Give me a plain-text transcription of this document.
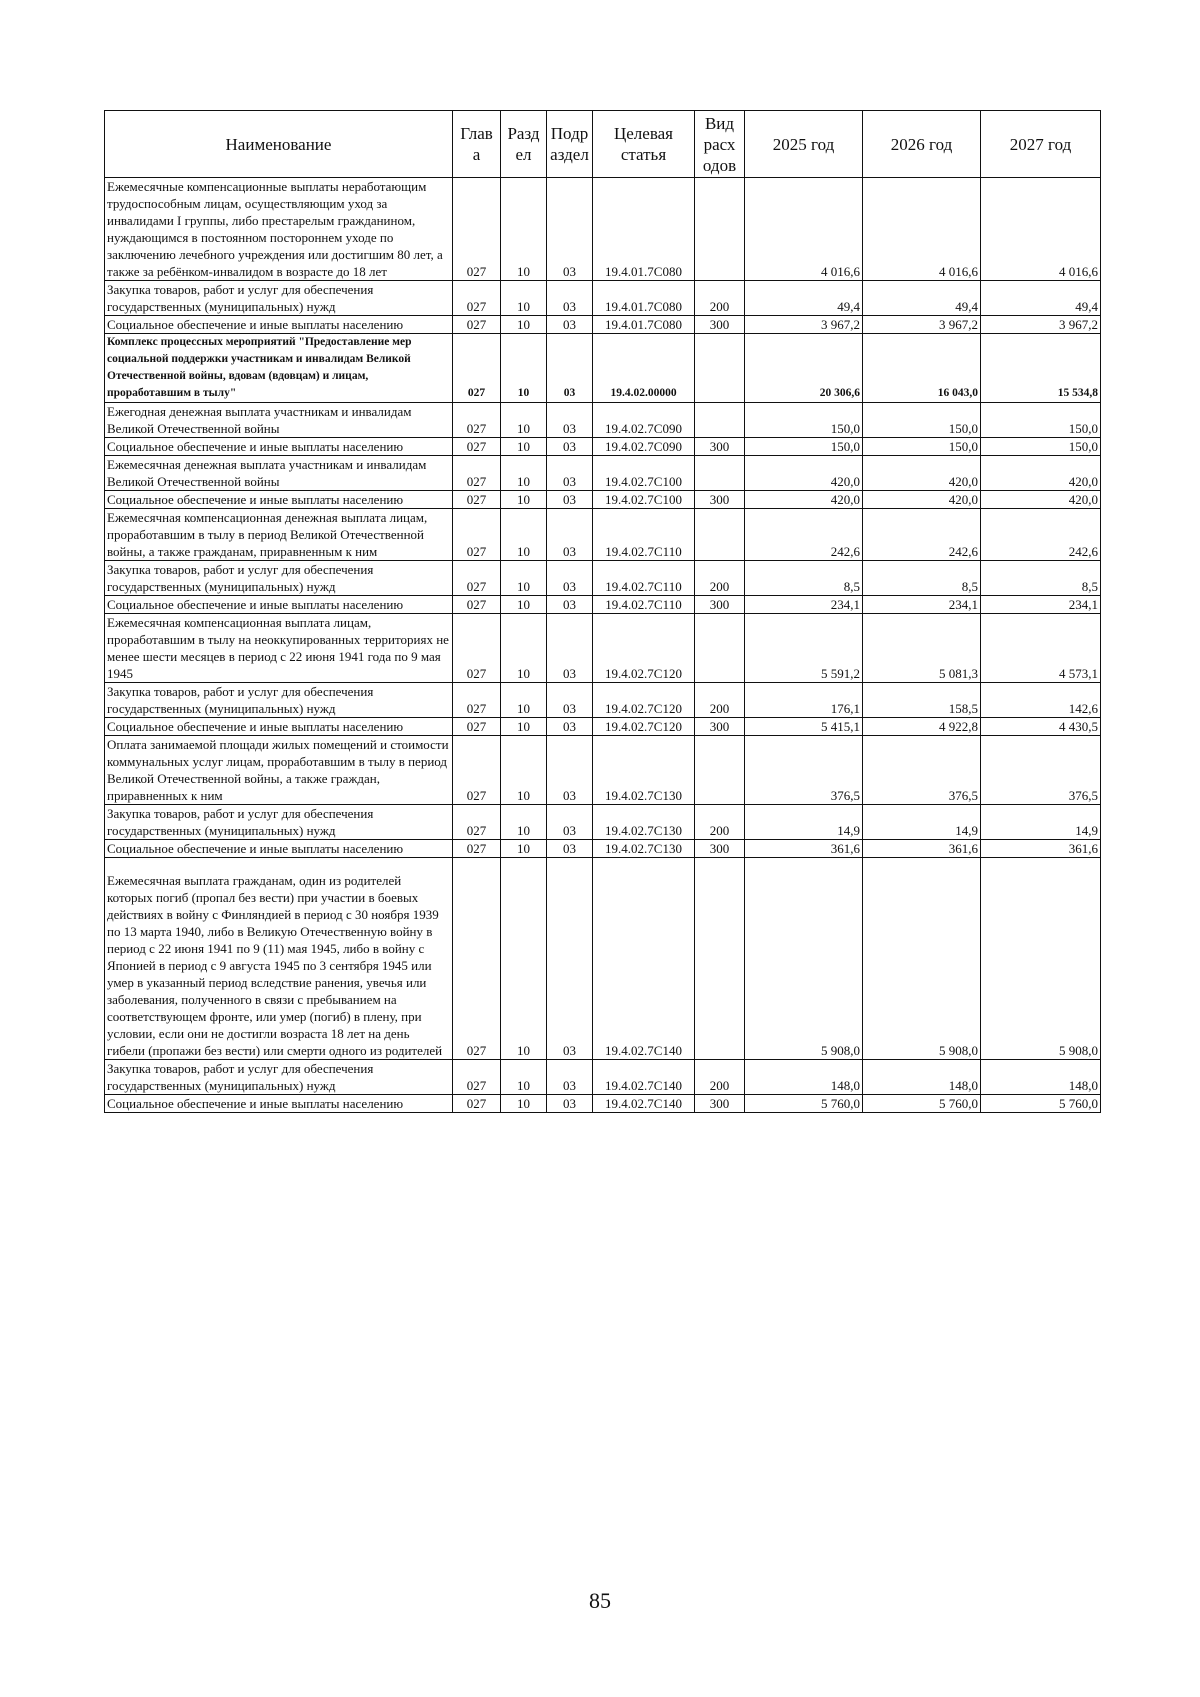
Наименование	Глав а	Разд ел	Подр аздел	Целевая статья	Вид расх одов	2025 год	2026 год	2027 год
Ежемесячные компенсационные выплаты неработающим трудоспособным лицам, осуществляющим уход за инвалидами I группы, либо престарелым гражданином, нуждающимся в постоянном постороннем уходе по заключению лечебного учреждения или достигшим 80 лет, а также за ребёнком-инвалидом в возрасте до 18 лет	027	10	03	19.4.01.7С080		4 016,6	4 016,6	4 016,6
Закупка товаров, работ и услуг для обеспечения государственных (муниципальных) нужд	027	10	03	19.4.01.7С080	200	49,4	49,4	49,4
Социальное обеспечение и иные выплаты населению	027	10	03	19.4.01.7С080	300	3 967,2	3 967,2	3 967,2
Комплекс процессных мероприятий "Предоставление мер социальной поддержки участникам и инвалидам Великой Отечественной войны, вдовам (вдовцам) и лицам, проработавшим в тылу"	027	10	03	19.4.02.00000		20 306,6	16 043,0	15 534,8
Ежегодная денежная выплата участникам и инвалидам Великой Отечественной войны	027	10	03	19.4.02.7С090		150,0	150,0	150,0
Социальное обеспечение и иные выплаты населению	027	10	03	19.4.02.7С090	300	150,0	150,0	150,0
Ежемесячная денежная выплата участникам и инвалидам Великой Отечественной войны	027	10	03	19.4.02.7С100		420,0	420,0	420,0
Социальное обеспечение и иные выплаты населению	027	10	03	19.4.02.7С100	300	420,0	420,0	420,0
Ежемесячная компенсационная денежная выплата лицам, проработавшим в тылу в период Великой Отечественной войны, а также гражданам, приравненным к ним	027	10	03	19.4.02.7С110		242,6	242,6	242,6
Закупка товаров, работ и услуг для обеспечения государственных (муниципальных) нужд	027	10	03	19.4.02.7С110	200	8,5	8,5	8,5
Социальное обеспечение и иные выплаты населению	027	10	03	19.4.02.7С110	300	234,1	234,1	234,1
Ежемесячная компенсационная выплата лицам, проработавшим в тылу на неоккупированных территориях не менее шести месяцев в период с 22 июня 1941 года по 9 мая 1945	027	10	03	19.4.02.7С120		5 591,2	5 081,3	4 573,1
Закупка товаров, работ и услуг для обеспечения государственных (муниципальных) нужд	027	10	03	19.4.02.7С120	200	176,1	158,5	142,6
Социальное обеспечение и иные выплаты населению	027	10	03	19.4.02.7С120	300	5 415,1	4 922,8	4 430,5
Оплата занимаемой площади жилых помещений и стоимости коммунальных услуг лицам, проработавшим в тылу в период Великой Отечественной войны, а также граждан, приравненных к ним	027	10	03	19.4.02.7С130		376,5	376,5	376,5
Закупка товаров, работ и услуг для обеспечения государственных (муниципальных) нужд	027	10	03	19.4.02.7С130	200	14,9	14,9	14,9
Социальное обеспечение и иные выплаты населению	027	10	03	19.4.02.7С130	300	361,6	361,6	361,6
Ежемесячная выплата гражданам, один из родителей которых погиб (пропал без вести) при участии в боевых действиях в войну с Финляндией в период с 30 ноября 1939 по 13 марта 1940, либо в Великую Отечественную войну в период с 22 июня 1941 по 9 (11) мая 1945, либо в войну с Японией в период с 9 августа 1945 по 3 сентября 1945 или умер в указанный период вследствие ранения, увечья или заболевания, полученного в связи с пребыванием на соответствующем фронте, или умер (погиб) в плену, при условии, если они не достигли возраста 18 лет на день гибели (пропажи без вести) или смерти одного из родителей	027	10	03	19.4.02.7С140		5 908,0	5 908,0	5 908,0
Закупка товаров, работ и услуг для обеспечения государственных (муниципальных) нужд	027	10	03	19.4.02.7С140	200	148,0	148,0	148,0
Социальное обеспечение и иные выплаты населению	027	10	03	19.4.02.7С140	300	5 760,0	5 760,0	5 760,0
85
